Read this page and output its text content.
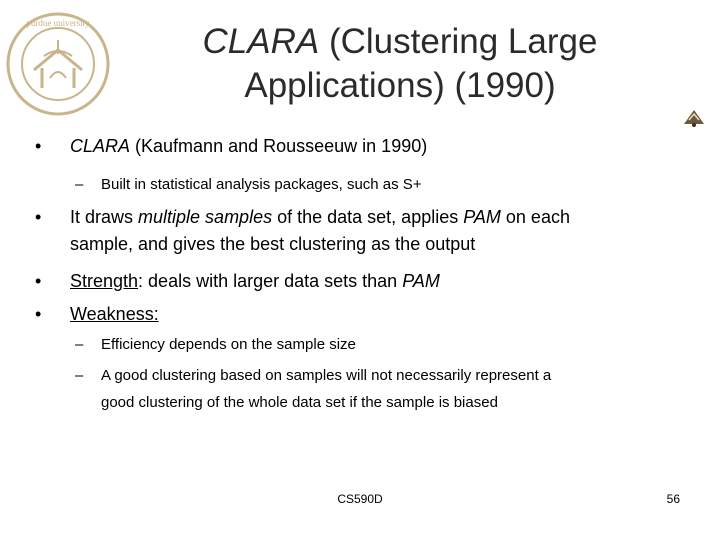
purdue university	CLARA (Clustering Large
Applications) (1990)
• CLARA (Kaufmann and Rousseeuw in 1990)
– Built in statistical analysis packages, such as S+
• It draws multiple samples of the data set, applies PAM on each
sample, and gives the best clustering as the output
• Strength: deals with larger data sets than PAM
• Weakness:
– Efficiency depends on the sample size
– A good clustering based on samples will not necessarily represent a
good clustering of the whole data set if the sample is biased
CS590D	56
